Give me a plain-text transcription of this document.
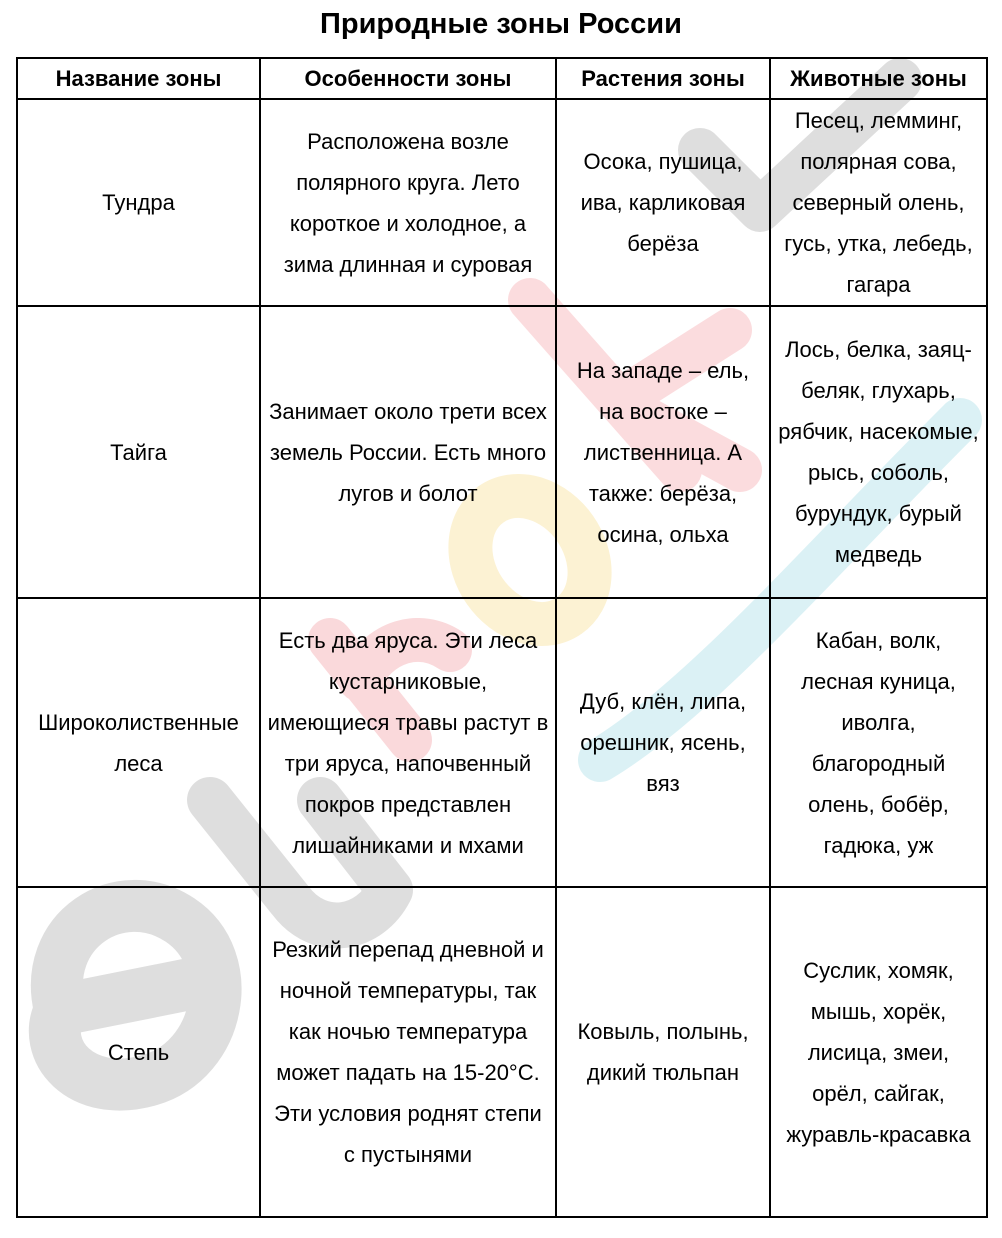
Природные зоны России
Название зоны	Особенности зоны	Растения зоны	Животные зоны
Тундра	Расположена возле полярного круга. Лето короткое и холодное, а зима длинная и суровая	Осока, пушица, ива, карликовая берёза	Песец, лемминг, полярная сова, северный олень, гусь, утка, лебедь, гагара
Тайга	Занимает около трети всех земель России. Есть много лугов и болот	На западе – ель, на востоке – лиственница. А также: берёза, осина, ольха	Лось, белка, заяц-беляк, глухарь, рябчик, насекомые, рысь, соболь, бурундук, бурый медведь
Широколиственные леса	Есть два яруса. Эти леса кустарниковые, имеющиеся травы растут в три яруса, напочвенный покров представлен лишайниками и мхами	Дуб, клён, липа, орешник, ясень, вяз	Кабан, волк, лесная куница, иволга, благородный олень, бобёр, гадюка, уж
Степь	Резкий перепад дневной и ночной температуры, так как ночью температура может падать на 15-20°C. Эти условия роднят степи с пустынями	Ковыль, полынь, дикий тюльпан	Суслик, хомяк, мышь, хорёк, лисица, змеи, орёл, сайгак, журавль-красавка
